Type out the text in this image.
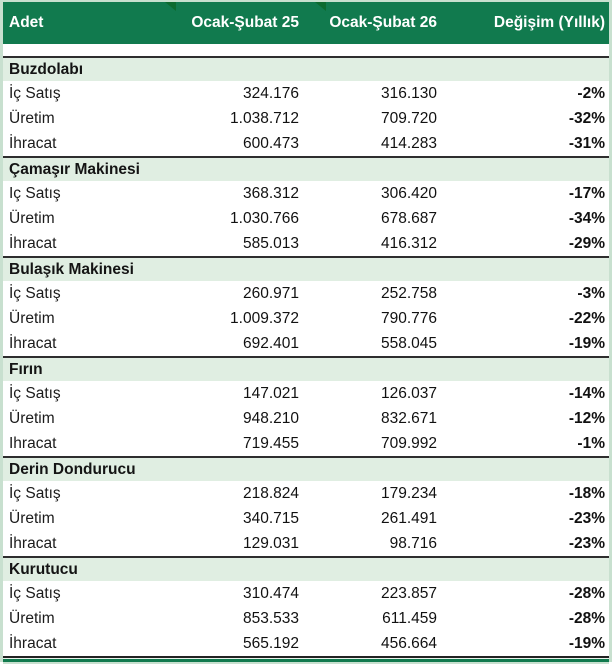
Adet	Ocak-Şubat 25	Ocak-Şubat 26	Değişim (Yıllık)
Buzdolabı
İç Satış	324.176	316.130	-2%
Üretim	1.038.712	709.720	-32%
İhracat	600.473	414.283	-31%
Çamaşır Makinesi
Iç Satış	368.312	306.420	-17%
Üretim	1.030.766	678.687	-34%
İhracat	585.013	416.312	-29%
Bulaşık Makinesi
İç Satış	260.971	252.758	-3%
Üretim	1.009.372	790.776	-22%
İhracat	692.401	558.045	-19%
Fırın
İç Satış	147.021	126.037	-14%
Üretim	948.210	832.671	-12%
Ihracat	719.455	709.992	-1%
Derin Dondurucu
İç Satış	218.824	179.234	-18%
Üretim	340.715	261.491	-23%
İhracat	129.031	98.716	-23%
Kurutucu
İç Satış	310.474	223.857	-28%
Üretim	853.533	611.459	-28%
İhracat	565.192	456.664	-19%
